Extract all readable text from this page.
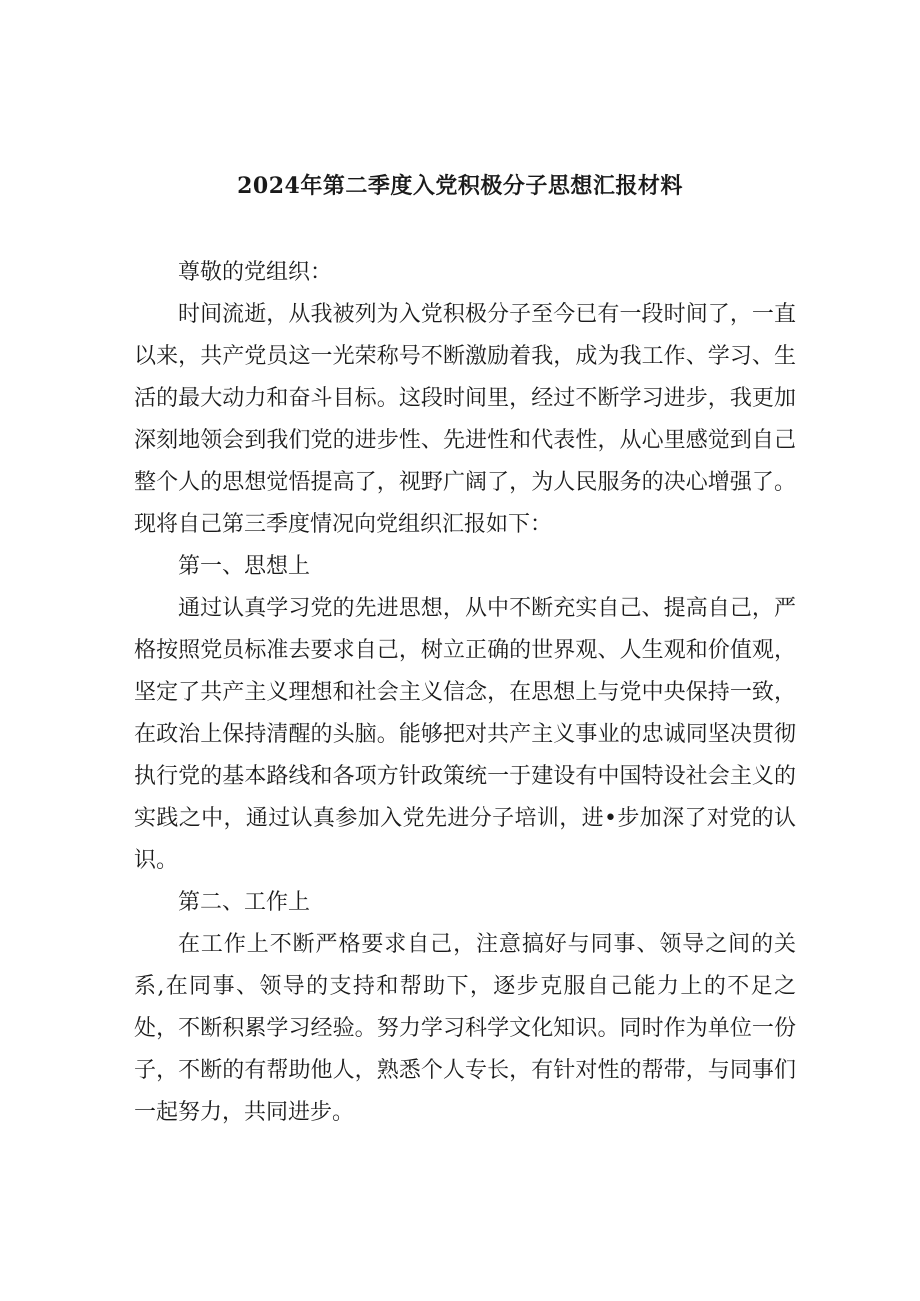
2024年第二季度入党积极分子思想汇报材料

尊敬的党组织：

时间流逝，从我被列为入党积极分子至今已有一段时间了，一直以来，共产党员这一光荣称号不断激励着我，成为我工作、学习、生活的最大动力和奋斗目标。这段时间里，经过不断学习进步，我更加深刻地领会到我们党的进步性、先进性和代表性，从心里感觉到自己整个人的思想觉悟提高了，视野广阔了，为人民服务的决心增强了。现将自己第三季度情况向党组织汇报如下：

第一、思想上

通过认真学习党的先进思想，从中不断充实自己、提高自己，严格按照党员标准去要求自己，树立正确的世界观、人生观和价值观，坚定了共产主义理想和社会主义信念，在思想上与党中央保持一致，在政治上保持清醒的头脑。能够把对共产主义事业的忠诚同坚决贯彻执行党的基本路线和各项方针政策统一于建设有中国特设社会主义的实践之中，通过认真参加入党先进分子培训，进•步加深了对党的认识。

第二、工作上

在工作上不断严格要求自己，注意搞好与同事、领导之间的关系,在同事、领导的支持和帮助下，逐步克服自己能力上的不足之处，不断积累学习经验。努力学习科学文化知识。同时作为单位一份子，不断的有帮助他人，熟悉个人专长，有针对性的帮带，与同事们一起努力，共同进步。
